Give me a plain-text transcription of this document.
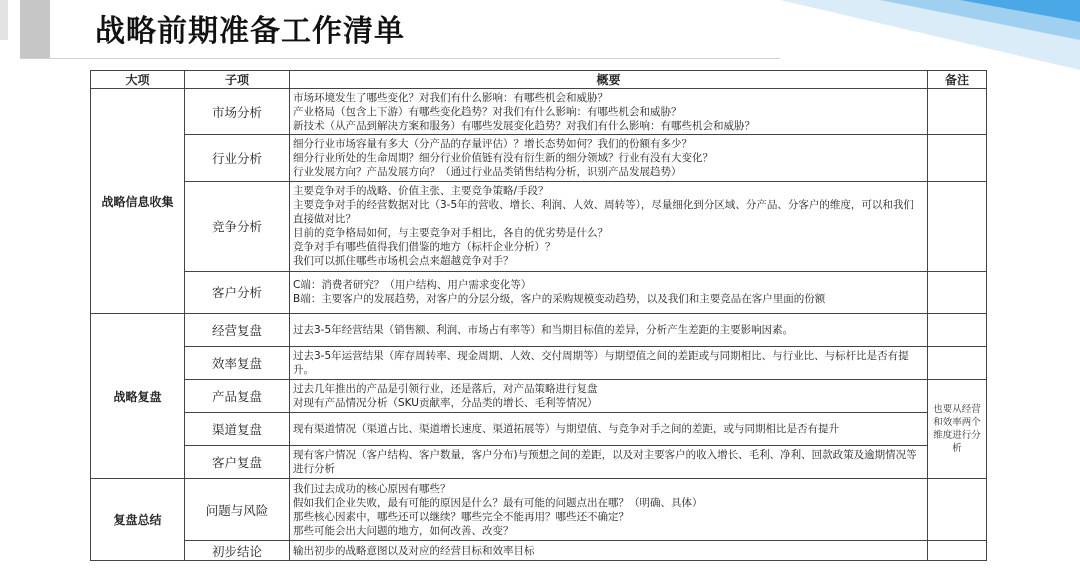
战略前期准备工作清单
大项	子项	概要	备注
战略信息收集	市场分析	市场环境发生了哪些变化？对我们有什么影响：有哪些机会和威胁？
产业格局（包含上下游）有哪些变化趋势？对我们有什么影响：有哪些机会和威胁？
新技术（从产品到解决方案和服务）有哪些发展变化趋势？对我们有什么影响：有哪些机会和威胁？	

	行业分析	细分行业市场容量有多大（分产品的存量评估）？增长态势如何？我们的份额有多少？
细分行业所处的生命周期？细分行业价值链有没有衍生新的细分领域？行业有没有大变化？
行业发展方向？产品发展方向？（通过行业品类销售结构分析，识别产品发展趋势）	

	竞争分析	主要竞争对手的战略、价值主张、主要竞争策略/手段？
主要竞争对手的经营数据对比（3-5年的营收、增长、利润、人效、周转等），尽量细化到分区域、分产品、分客户的维度，可以和我们直接做对比？
目前的竞争格局如何，与主要竞争对手相比，各自的优劣势是什么？
竞争对手有哪些值得我们借鉴的地方（标杆企业分析）？
我们可以抓住哪些市场机会点来超越竞争对手？	

	客户分析	C端：消费者研究？（用户结构、用户需求变化等）
B端：主要客户的发展趋势，对客户的分层分级，客户的采购规模变动趋势，以及我们和主要竞品在客户里面的份额	

战略复盘	经营复盘	过去3-5年经营结果（销售额、利润、市场占有率等）和当期目标值的差异，分析产生差距的主要影响因素。	

	效率复盘	过去3-5年运营结果（库存周转率、现金周期、人效、交付周期等）与期望值之间的差距或与同期相比、与行业比、与标杆比是否有提升。	

	产品复盘	过去几年推出的产品是引领行业，还是落后，对产品策略进行复盘
对现有产品情况分析（SKU贡献率，分品类的增长、毛利等情况）	也要从经营和效率两个维度进行分析
	渠道复盘	现有渠道情况（渠道占比、渠道增长速度、渠道拓展等）与期望值、与竞争对手之间的差距，或与同期相比是否有提升	

	客户复盘	现有客户情况（客户结构、客户数量，客户分布)与预想之间的差距，以及对主要客户的收入增长、毛利、净利、回款政策及逾期情况等进行分析	

复盘总结	问题与风险	我们过去成功的核心原因有哪些？
假如我们企业失败，最有可能的原因是什么？最有可能的问题点出在哪？（明确、具体）
那些核心因素中，哪些还可以继续？哪些完全不能再用？哪些还不确定？
那些可能会出大问题的地方，如何改善、改变？	

	初步结论	输出初步的战略意图以及对应的经营目标和效率目标	
